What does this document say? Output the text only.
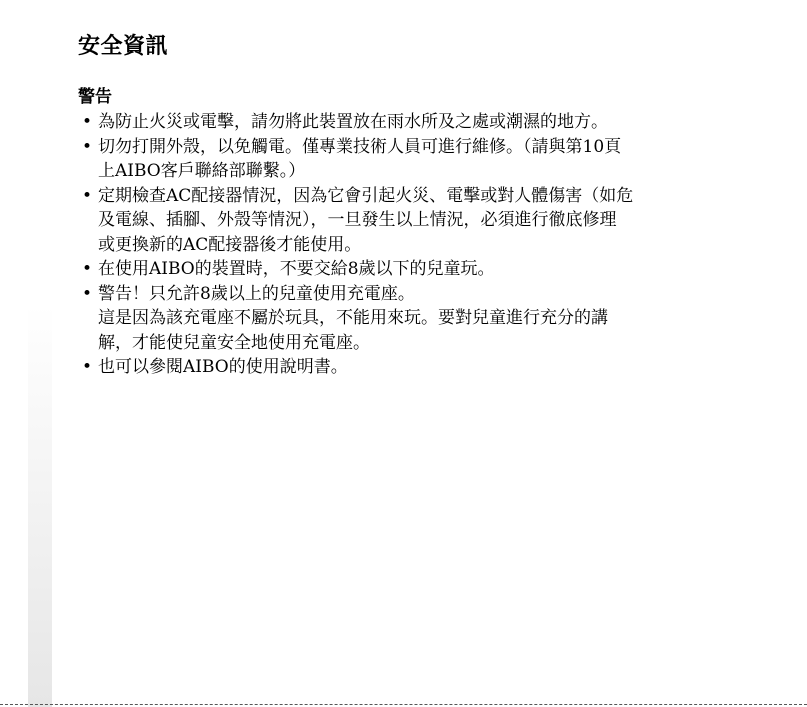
安全資訊
警告
• 為防止火災或電擊，請勿將此裝置放在雨水所及之處或潮濕的地方。
• 切勿打開外殼，以免觸電。僅專業技術人員可進行維修。（請與第10頁
上AIBO客戶聯絡部聯繫。）
• 定期檢查AC配接器情況，因為它會引起火災、電擊或對人體傷害（如危
及電線、插腳、外殼等情況），一旦發生以上情況，必須進行徹底修理
或更換新的AC配接器後才能使用。
• 在使用AIBO的裝置時，不要交給8歲以下的兒童玩。
• 警告！只允許8歲以上的兒童使用充電座。
這是因為該充電座不屬於玩具，不能用來玩。要對兒童進行充分的講
解，才能使兒童安全地使用充電座。
• 也可以參閱AIBO的使用說明書。
